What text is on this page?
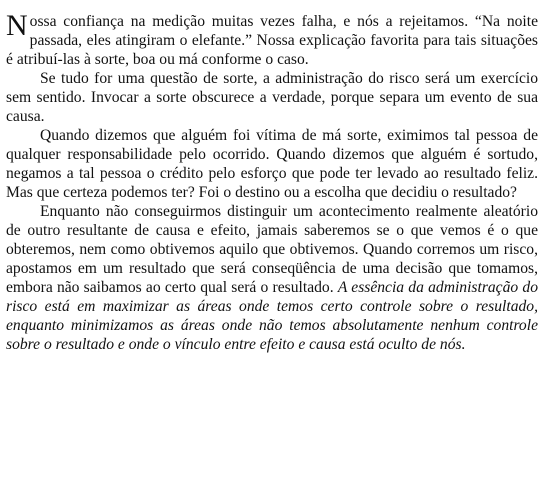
Nossa confiança na medição muitas vezes falha, e nós a rejeitamos. “Na noite passada, eles atingiram o elefante.” Nossa explicação favorita para tais situações é atribuí-las à sorte, boa ou má conforme o caso.

Se tudo for uma questão de sorte, a administração do risco será um exercício sem sentido. Invocar a sorte obscurece a verdade, porque separa um evento de sua causa.

Quando dizemos que alguém foi vítima de má sorte, eximimos tal pessoa de qualquer responsabilidade pelo ocorrido. Quando dizemos que alguém é sortudo, negamos a tal pessoa o crédito pelo esforço que pode ter levado ao resultado feliz. Mas que certeza podemos ter? Foi o destino ou a escolha que decidiu o resultado?

Enquanto não conseguirmos distinguir um acontecimento realmente aleatório de outro resultante de causa e efeito, jamais saberemos se o que vemos é o que obteremos, nem como obtivemos aquilo que obtivemos. Quando corremos um risco, apostamos em um resultado que será conseqüência de uma decisão que tomamos, embora não saibamos ao certo qual será o resultado. A essência da administração do risco está em maximizar as áreas onde temos certo controle sobre o resultado, enquanto minimizamos as áreas onde não temos absolutamente nenhum controle sobre o resultado e onde o vínculo entre efeito e causa está oculto de nós.
